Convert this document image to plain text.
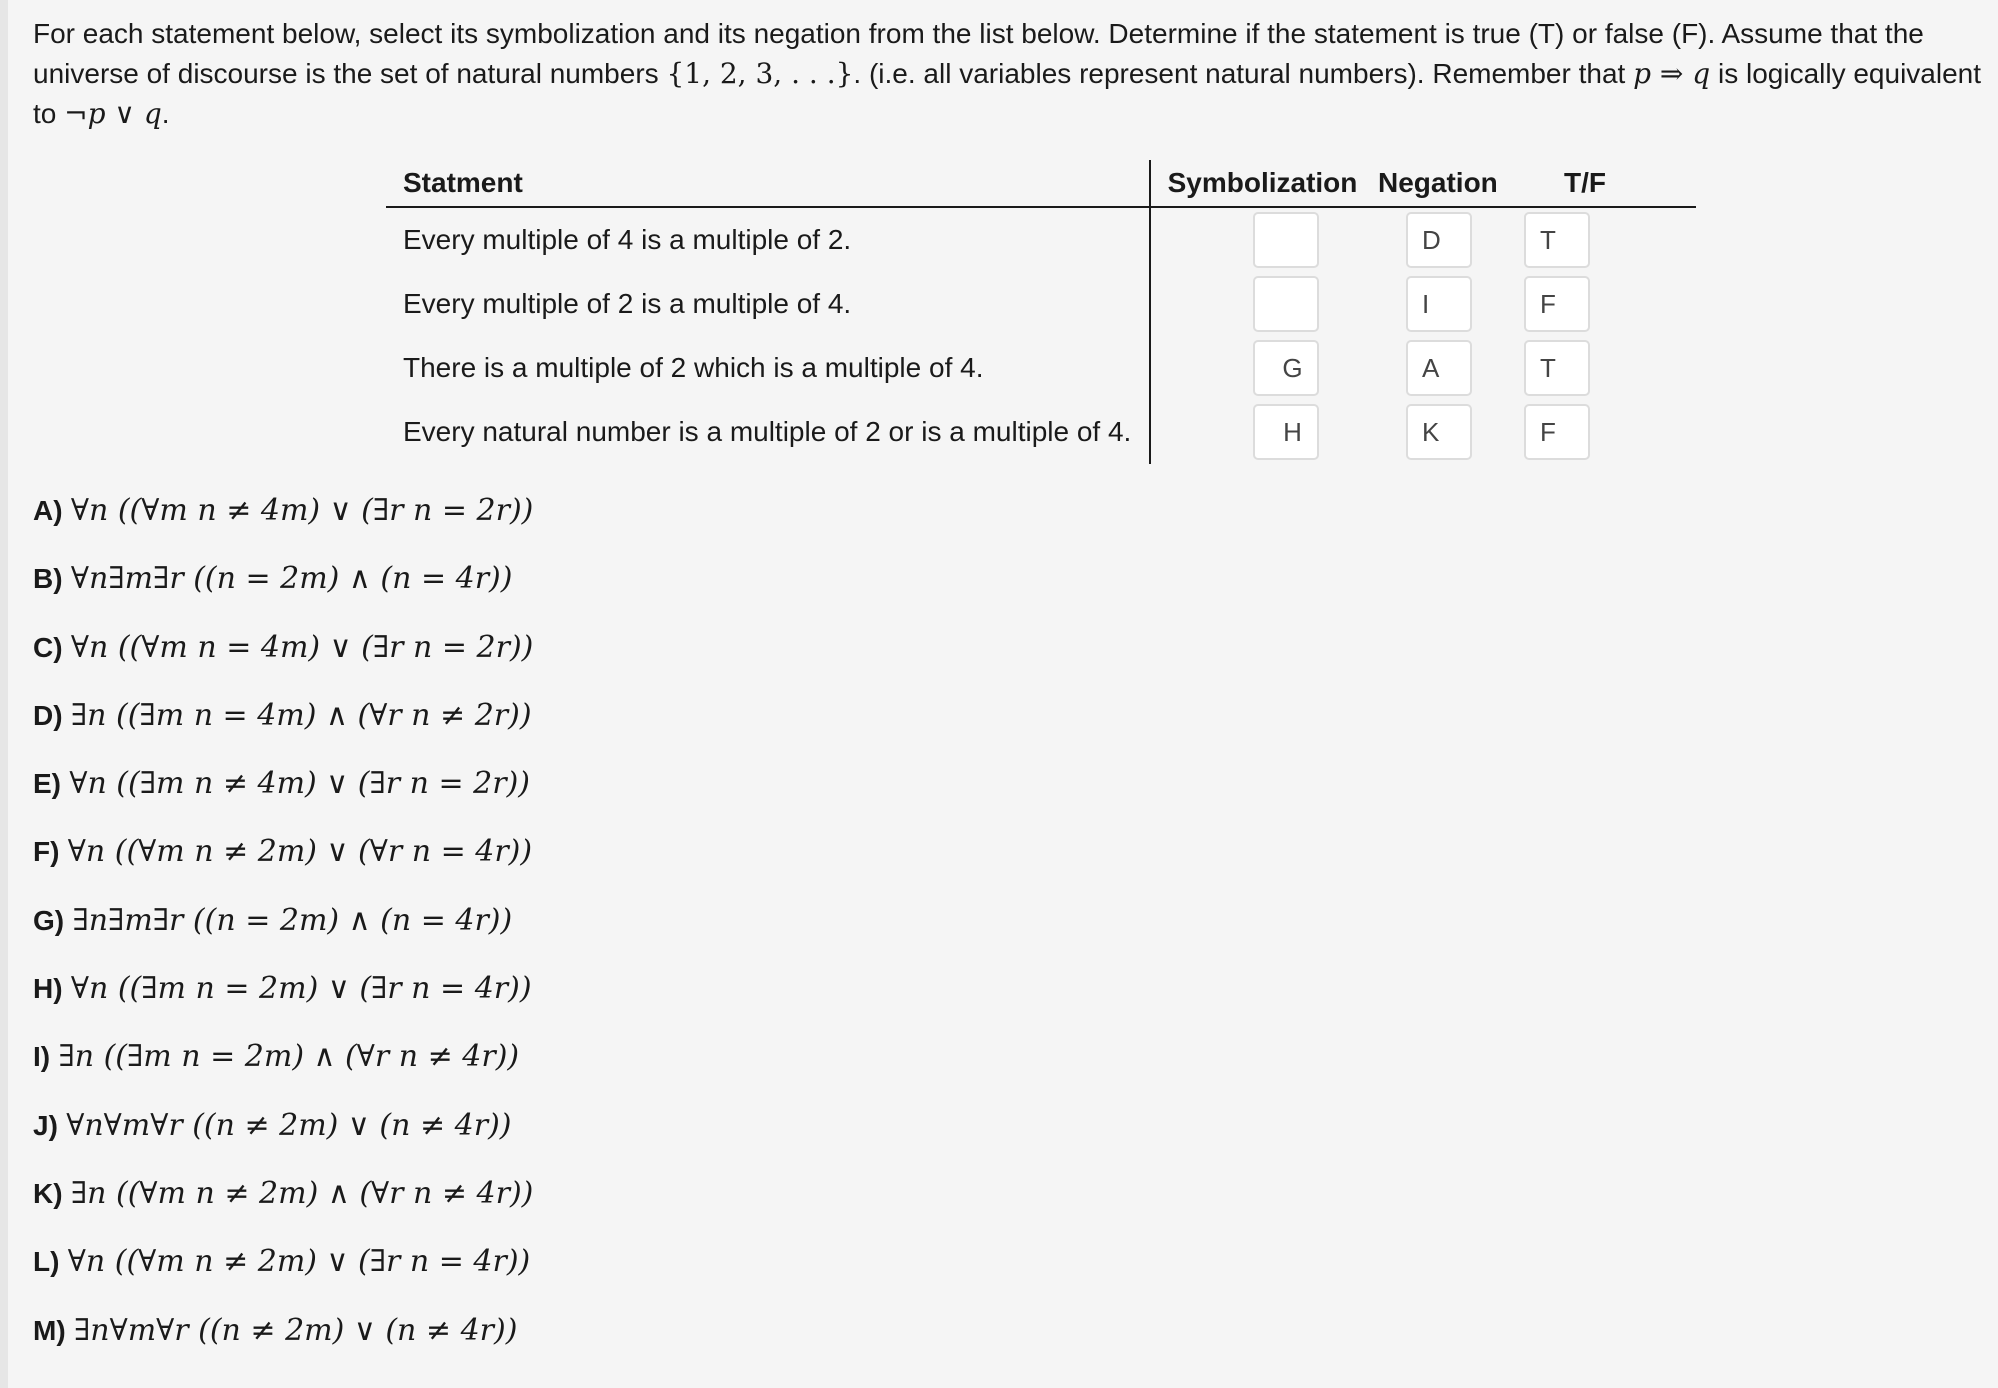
For each statement below, select its symbolization and its negation from the list below. Determine if the statement is true (T) or false (F). Assume that the universe of discourse is the set of natural numbers {1, 2, 3, . . .}. (i.e. all variables represent natural numbers). Remember that p ⇒ q is logically equivalent to ¬p ∨ q.
Statment	Symbolization	Negation	T/F
Every multiple of 4 is a multiple of 2.		D	T
Every multiple of 2 is a multiple of 4.		I	F
There is a multiple of 2 which is a multiple of 4.	G	A	T
Every natural number is a multiple of 2 or is a multiple of 4.	H	K	F
A) ∀n ((∀m n ≠ 4m) ∨ (∃r n = 2r))
B) ∀n∃m∃r ((n = 2m) ∧ (n = 4r))
C) ∀n ((∀m n = 4m) ∨ (∃r n = 2r))
D) ∃n ((∃m n = 4m) ∧ (∀r n ≠ 2r))
E) ∀n ((∃m n ≠ 4m) ∨ (∃r n = 2r))
F) ∀n ((∀m n ≠ 2m) ∨ (∀r n = 4r))
G) ∃n∃m∃r ((n = 2m) ∧ (n = 4r))
H) ∀n ((∃m n = 2m) ∨ (∃r n = 4r))
I) ∃n ((∃m n = 2m) ∧ (∀r n ≠ 4r))
J) ∀n∀m∀r ((n ≠ 2m) ∨ (n ≠ 4r))
K) ∃n ((∀m n ≠ 2m) ∧ (∀r n ≠ 4r))
L) ∀n ((∀m n ≠ 2m) ∨ (∃r n = 4r))
M) ∃n∀m∀r ((n ≠ 2m) ∨ (n ≠ 4r))
